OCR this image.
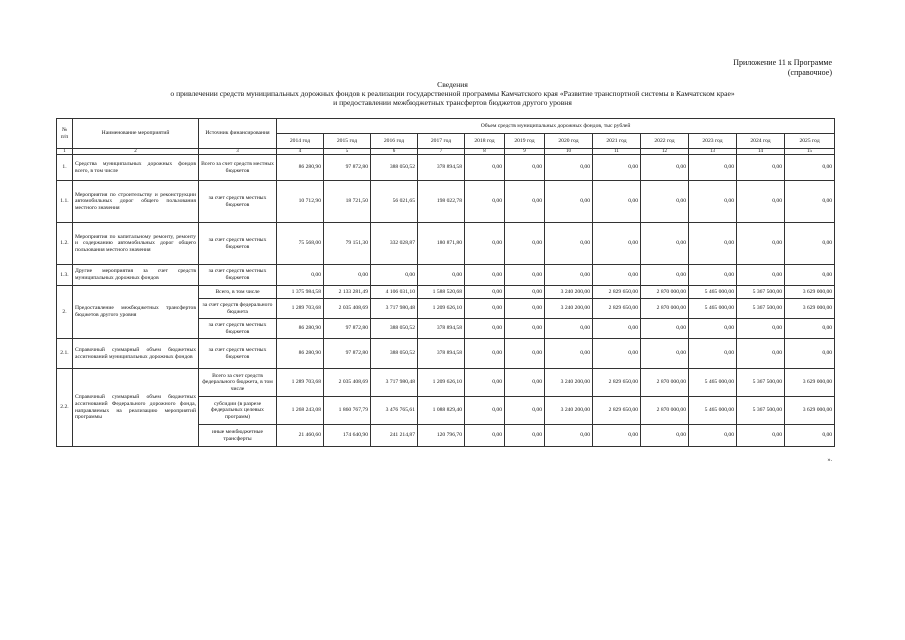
Приложение 11 к Программе
(справочное)
Сведения
о привлечении средств муниципальных дорожных фондов к реализации государственной программы Камчатского края «Развитие транспортной системы в Камчатском крае»
и предоставлении межбюджетных трансфертов бюджетов другого уровня
№ п/п	Наименование мероприятий	Источник финансирования	Объем средств муниципальных дорожных фондов, тыс рублей											
			2014 год	2015 год	2016 год	2017 год	2018 год	2019 год	2020 год	2021 год	2022 год	2023 год	2024 год	2025 год
1	2	3	4	5	6	7	8	9	10	11	12	13	14	15
1.	Средства муниципальных дорожных фондов всего, в том числе	Всего за счет средств местных бюджетов	86 280,90	97 872,80	388 050,52	378 894,58	0,00	0,00	0,00	0,00	0,00	0,00	0,00	0,00
1.1.	Мероприятия по строительству и реконструкции автомобильных дорог общего пользования местного значения	за счет средств местных бюджетов	10 712,90	18 721,50	56 021,65	198 022,78	0,00	0,00	0,00	0,00	0,00	0,00	0,00	0,00
1.2.	Мероприятия по капитальному ремонту, ремонту и содержанию автомобильных дорог общего пользования местного значения	за счет средств местных бюджетов	75 568,00	79 151,30	332 028,87	180 871,80	0,00	0,00	0,00	0,00	0,00	0,00	0,00	0,00
1.3.	Другие мероприятия за счет средств муниципальных дорожных фондов	за счет средств местных бюджетов	0,00	0,00	0,00	0,00	0,00	0,00	0,00	0,00	0,00	0,00	0,00	0,00
2.	Предоставление межбюджетных трансфертов бюджетов другого уровня	Всего, в том числе	1 375 984,58	2 133 281,49	4 106 031,10	1 588 520,68	0,00	0,00	3 240 200,00	2 829 650,00	2 870 000,00	5 465 000,00	5 367 500,00	3 629 000,00
		за счет средств федерального бюджета	1 289 703,68	2 035 408,69	3 717 980,48	1 209 626,10	0,00	0,00	3 240 200,00	2 829 650,00	2 870 000,00	5 465 000,00	5 367 500,00	3 629 000,00
		за счет средств местных бюджетов	86 280,90	97 872,80	388 050,52	378 894,58	0,00	0,00	0,00	0,00	0,00	0,00	0,00	0,00
2.1.	Справочный суммарный объем бюджетных ассигнований муниципальных дорожных фондов	за счет средств местных бюджетов	86 280,90	97 872,80	388 050,52	378 894,58	0,00	0,00	0,00	0,00	0,00	0,00	0,00	0,00
2.2.	Справочный суммарный объем бюджетных ассигнований Федерального дорожного фонда, направляемых на реализацию мероприятий программы	Всего за счет средств федерального бюджета, в том числе	1 289 703,68	2 035 408,69	3 717 980,48	1 209 626,10	0,00	0,00	3 240 200,00	2 829 650,00	2 870 000,00	5 465 000,00	5 367 500,00	3 629 000,00
		субсидии (в разрезе федеральных целевых программ)	1 268 243,08	1 860 767,79	3 476 765,61	1 088 829,40	0,00	0,00	3 240 200,00	2 829 650,00	2 870 000,00	5 465 000,00	5 367 500,00	3 629 000,00
		иные межбюджетные трансферты	21 460,60	174 640,90	241 214,87	120 796,70	0,00	0,00	0,00	0,00	0,00	0,00	0,00	0,00
».
